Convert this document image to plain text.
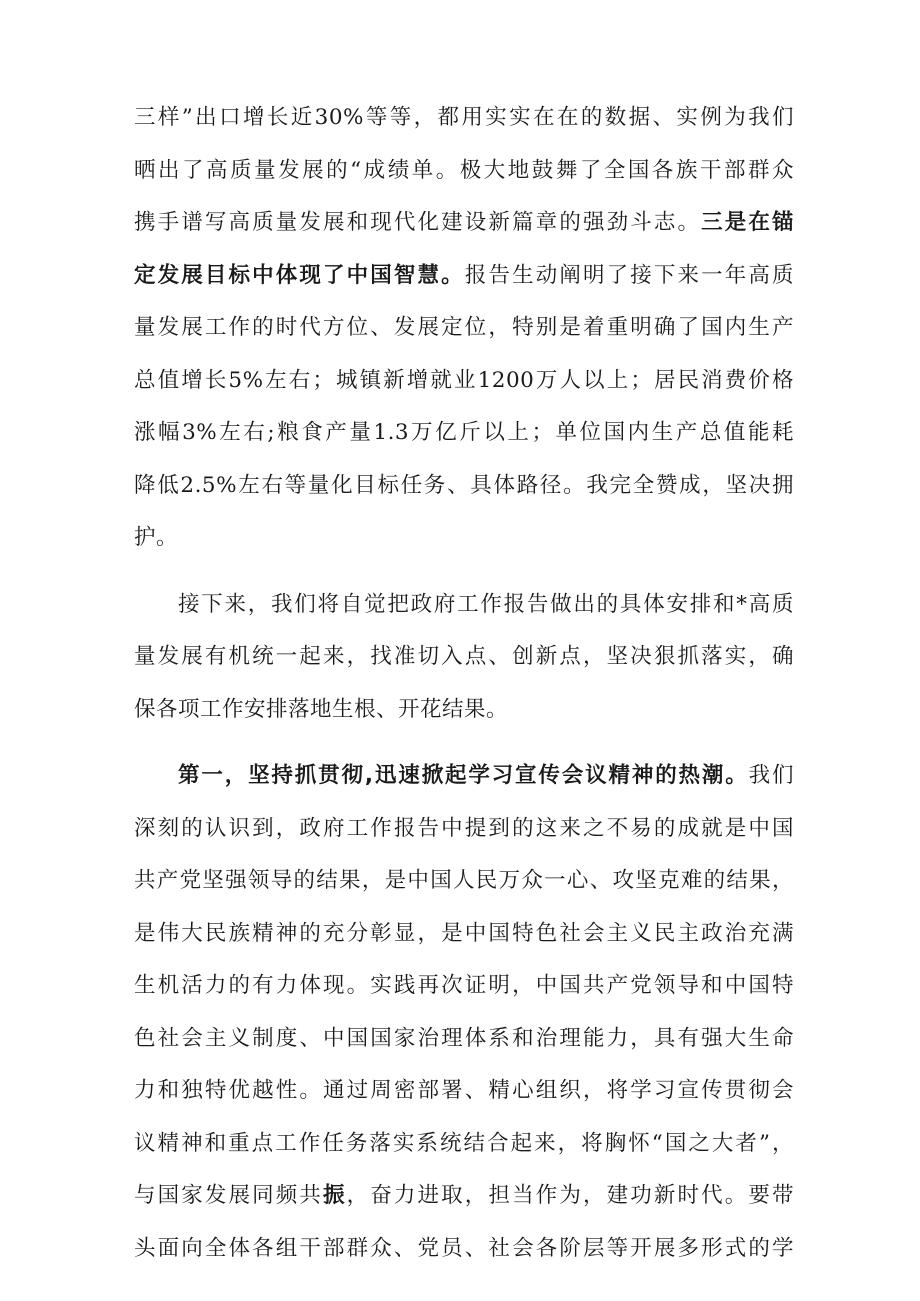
三样”出口增长近30%等等，都用实实在在的数据、实例为我们
晒出了高质量发展的“成绩单。极大地鼓舞了全国各族干部群众
携手谱写高质量发展和现代化建设新篇章的强劲斗志。三是在锚
定发展目标中体现了中国智慧。报告生动阐明了接下来一年高质
量发展工作的时代方位、发展定位，特别是着重明确了国内生产
总值增长5%左右；城镇新增就业1200万人以上；居民消费价格
涨幅3%左右;粮食产量1.3万亿斤以上；单位国内生产总值能耗
降低2.5%左右等量化目标任务、具体路径。我完全赞成，坚决拥
护。
接下来，我们将自觉把政府工作报告做出的具体安排和*高质
量发展有机统一起来，找准切入点、创新点，坚决狠抓落实，确
保各项工作安排落地生根、开花结果。
第一，坚持抓贯彻,迅速掀起学习宣传会议精神的热潮。我们
深刻的认识到，政府工作报告中提到的这来之不易的成就是中国
共产党坚强领导的结果，是中国人民万众一心、攻坚克难的结果，
是伟大民族精神的充分彰显，是中国特色社会主义民主政治充满
生机活力的有力体现。实践再次证明，中国共产党领导和中国特
色社会主义制度、中国国家治理体系和治理能力，具有强大生命
力和独特优越性。通过周密部署、精心组织，将学习宣传贯彻会
议精神和重点工作任务落实系统结合起来，将胸怀“国之大者”，
与国家发展同频共振，奋力进取，担当作为，建功新时代。要带
头面向全体各组干部群众、党员、社会各阶层等开展多形式的学
